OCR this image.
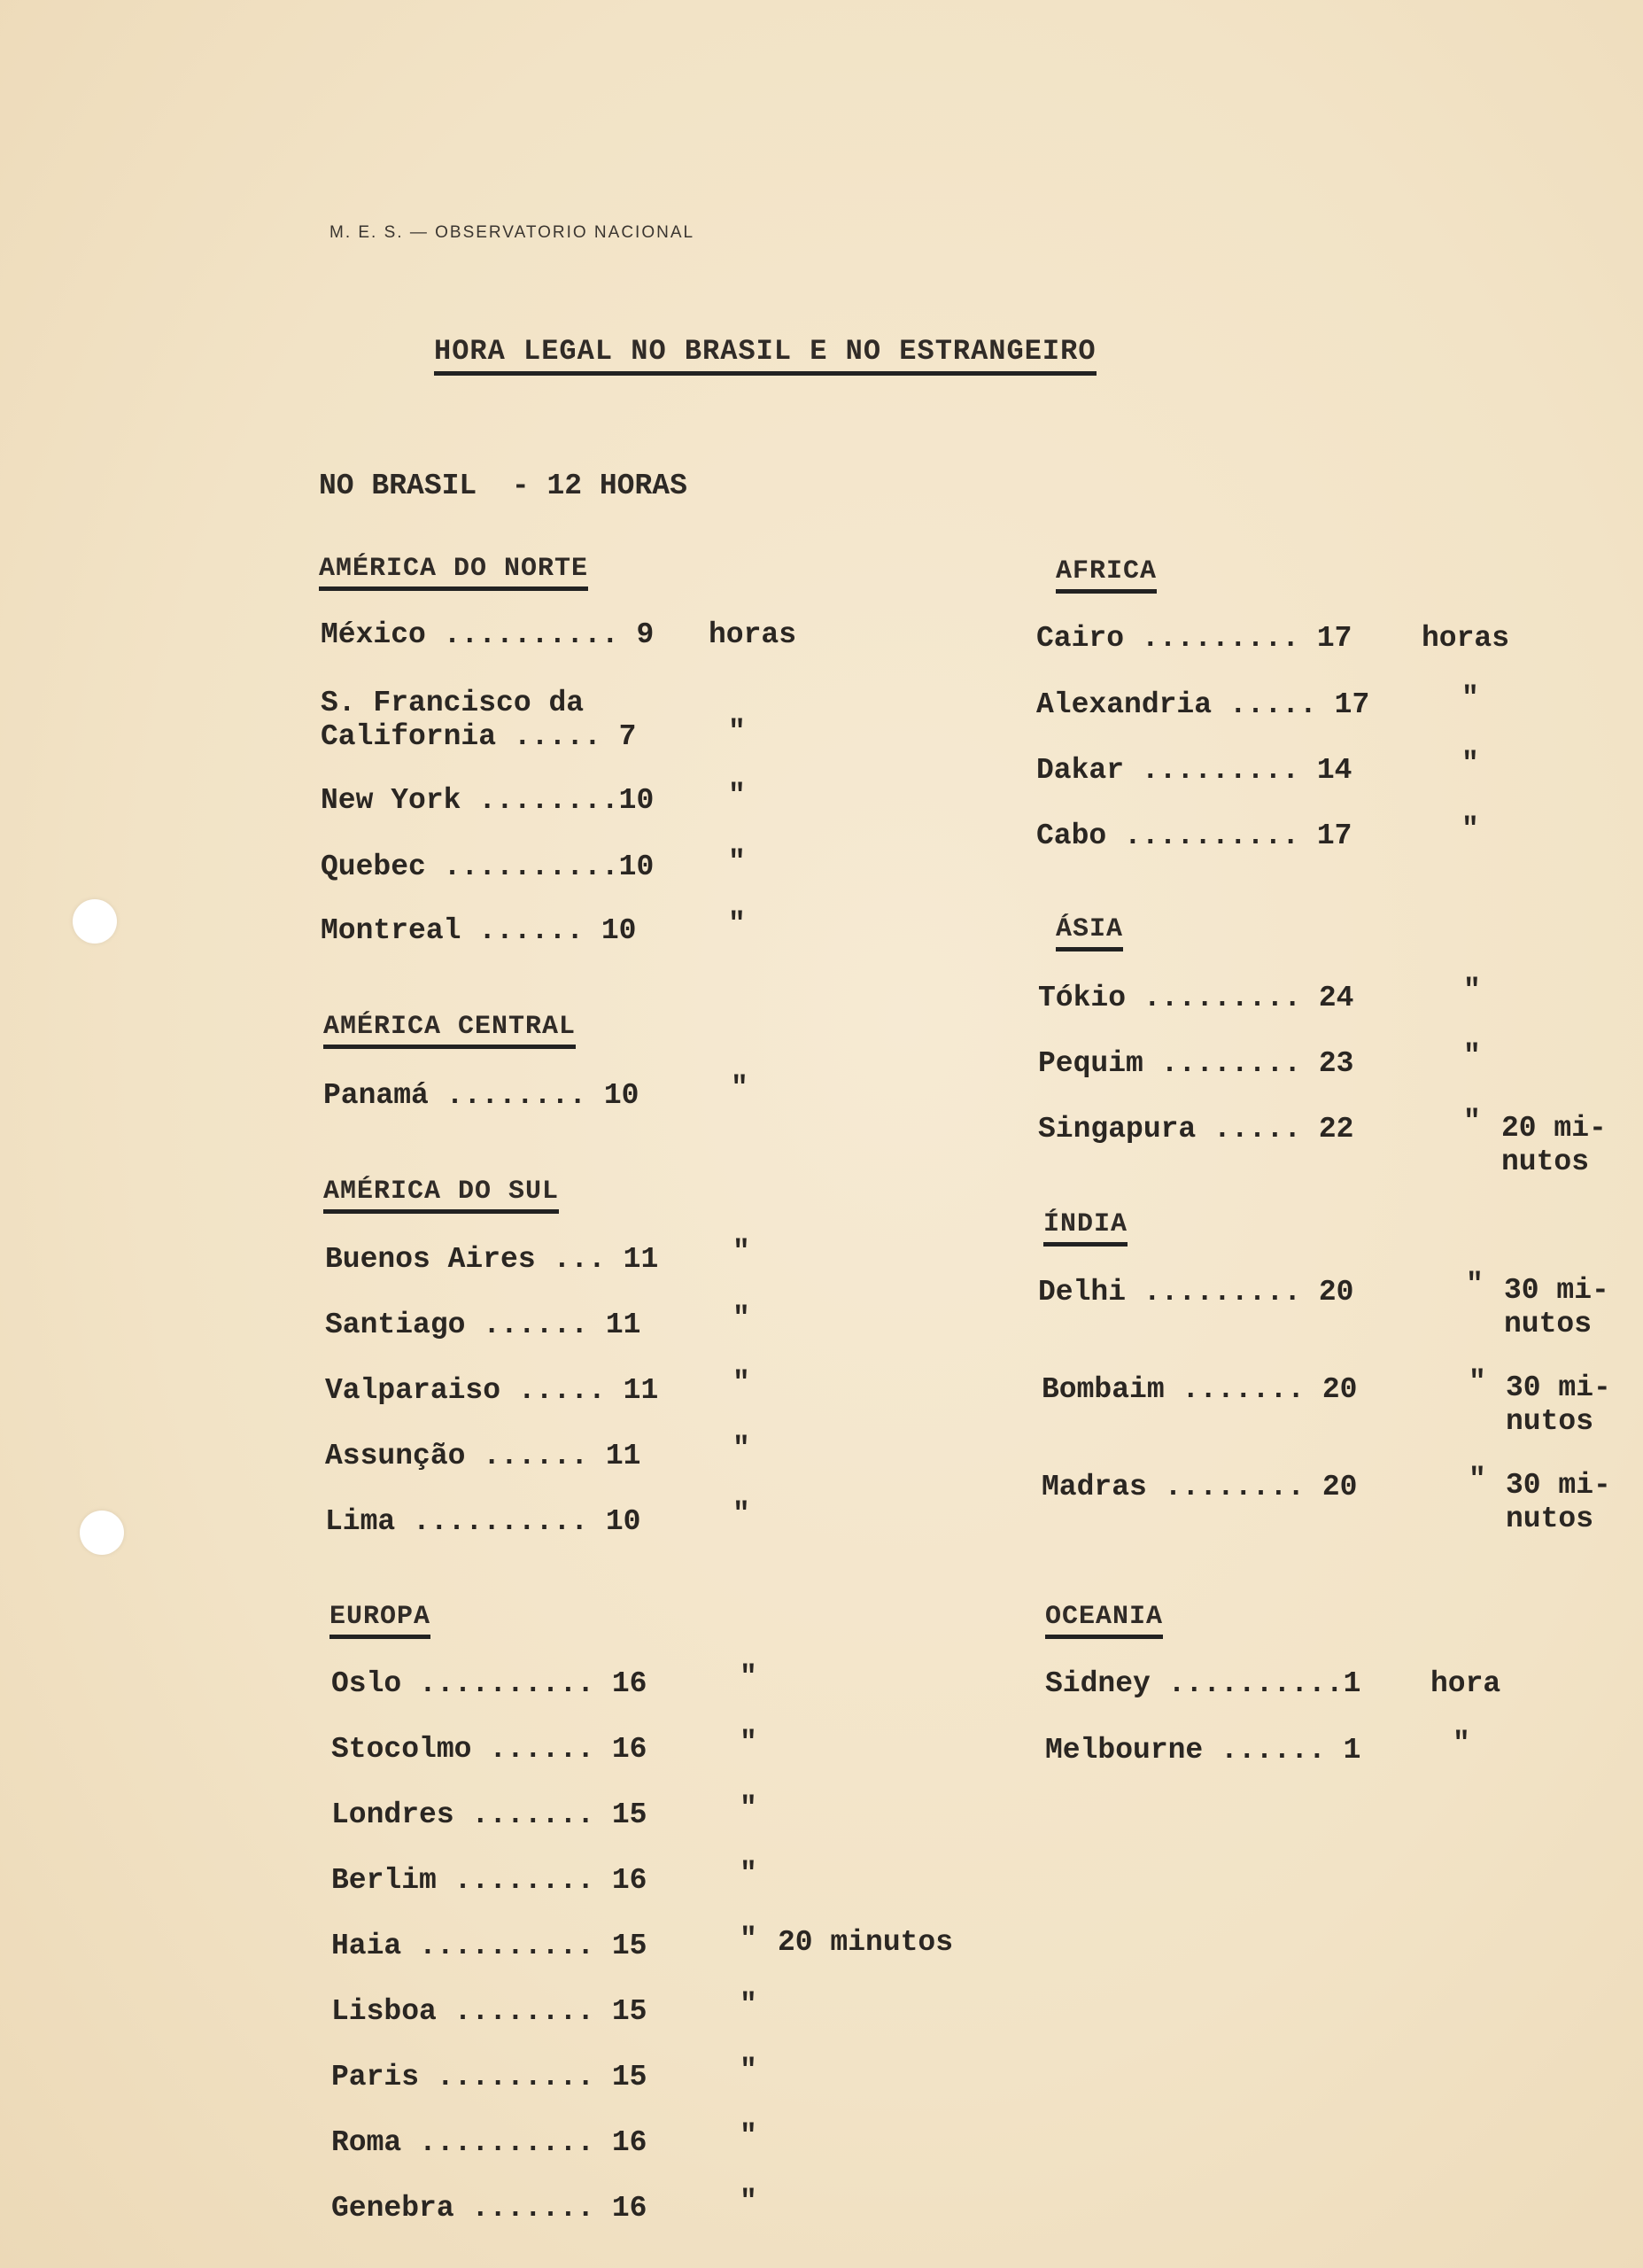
M. E. S. — OBSERVATORIO NACIONAL
HORA LEGAL NO BRASIL E NO ESTRANGEIRO
NO BRASIL  - 12 HORAS
AMÉRICA DO NORTE
México .......... 9 horas
S. Francisco da
California ..... 7	"
New York ........10	"
Quebec ..........10	"
Montreal ...... 10	"
AMÉRICA CENTRAL
Panamá ........ 10	"
AMÉRICA DO SUL
Buenos Aires ... 11	"
Santiago ...... 11	"
Valparaiso ..... 11	"
Assunção ...... 11	"
Lima .......... 10	"
EUROPA
Oslo .......... 16	"
Stocolmo ...... 16	"
Londres ....... 15	"
Berlim ........ 16	"
Haia .......... 15	" 20 minutos
Lisboa ........ 15	"
Paris ......... 15	"
Roma .......... 16	"
Genebra ....... 16	"
AFRICA
Cairo ......... 17 horas
Alexandria ..... 17	"
Dakar ......... 14	"
Cabo .......... 17	"
ÁSIA
Tókio ......... 24	"
Pequim ........ 23	"
Singapura ..... 22	" 20 mi-
nutos
ÍNDIA
Delhi ......... 20	" 30 mi-
nutos
Bombaim ....... 20	" 30 mi-
nutos
Madras ........ 20	" 30 mi-
nutos
OCEANIA
Sidney ..........1 hora
Melbourne ...... 1	"
